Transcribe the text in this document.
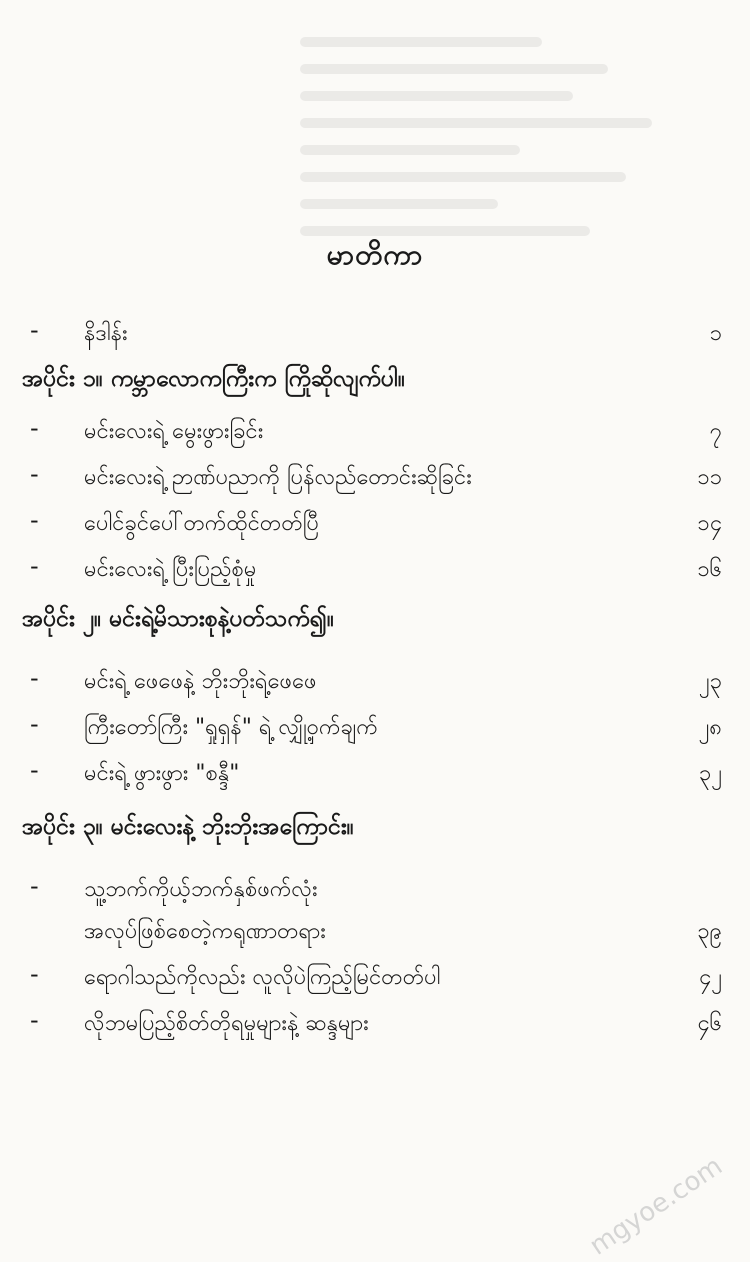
မာတိကာ
- နိဒါန်း	၁
အပိုင်း ၁။ ကမ္ဘာလောကကြီးက ကြိုဆိုလျက်ပါ။
- မင်းလေးရဲ့ မွေးဖွားခြင်း	၇
- မင်းလေးရဲ့ ဉာဏ်ပညာကို ပြန်လည်တောင်းဆိုခြင်း	၁၁
- ပေါင်ခွင်ပေါ်တက်ထိုင်တတ်ပြီ	၁၄
- မင်းလေးရဲ့ ပြီးပြည့်စုံမှု	၁၆
အပိုင်း ၂။ မင်းရဲ့မိသားစုနဲ့ပတ်သက်၍။
- မင်းရဲ့ ဖေဖေနဲ့ ဘိုးဘိုးရဲ့ဖေဖေ	၂၃
- ကြီးတော်ကြီး "ရှုရှန်" ရဲ့ လျှို့ဝှက်ချက်	၂၈
- မင်းရဲ့ ဖွားဖွား "စန္ဒီ"	၃၂
အပိုင်း ၃။ မင်းလေးနဲ့ ဘိုးဘိုးအကြောင်း။
- သူ့ဘက်ကိုယ့်ဘက်နှစ်ဖက်လုံး
အလုပ်ဖြစ်စေတဲ့ကရုဏာတရား	၃၉
- ရောဂါသည်ကိုလည်း လူလိုပဲကြည့်မြင်တတ်ပါ	၄၂
- လိုဘမပြည့်စိတ်တိုရမှုများနဲ့ ဆန္ဒများ	၄၆
mgyoe.com
